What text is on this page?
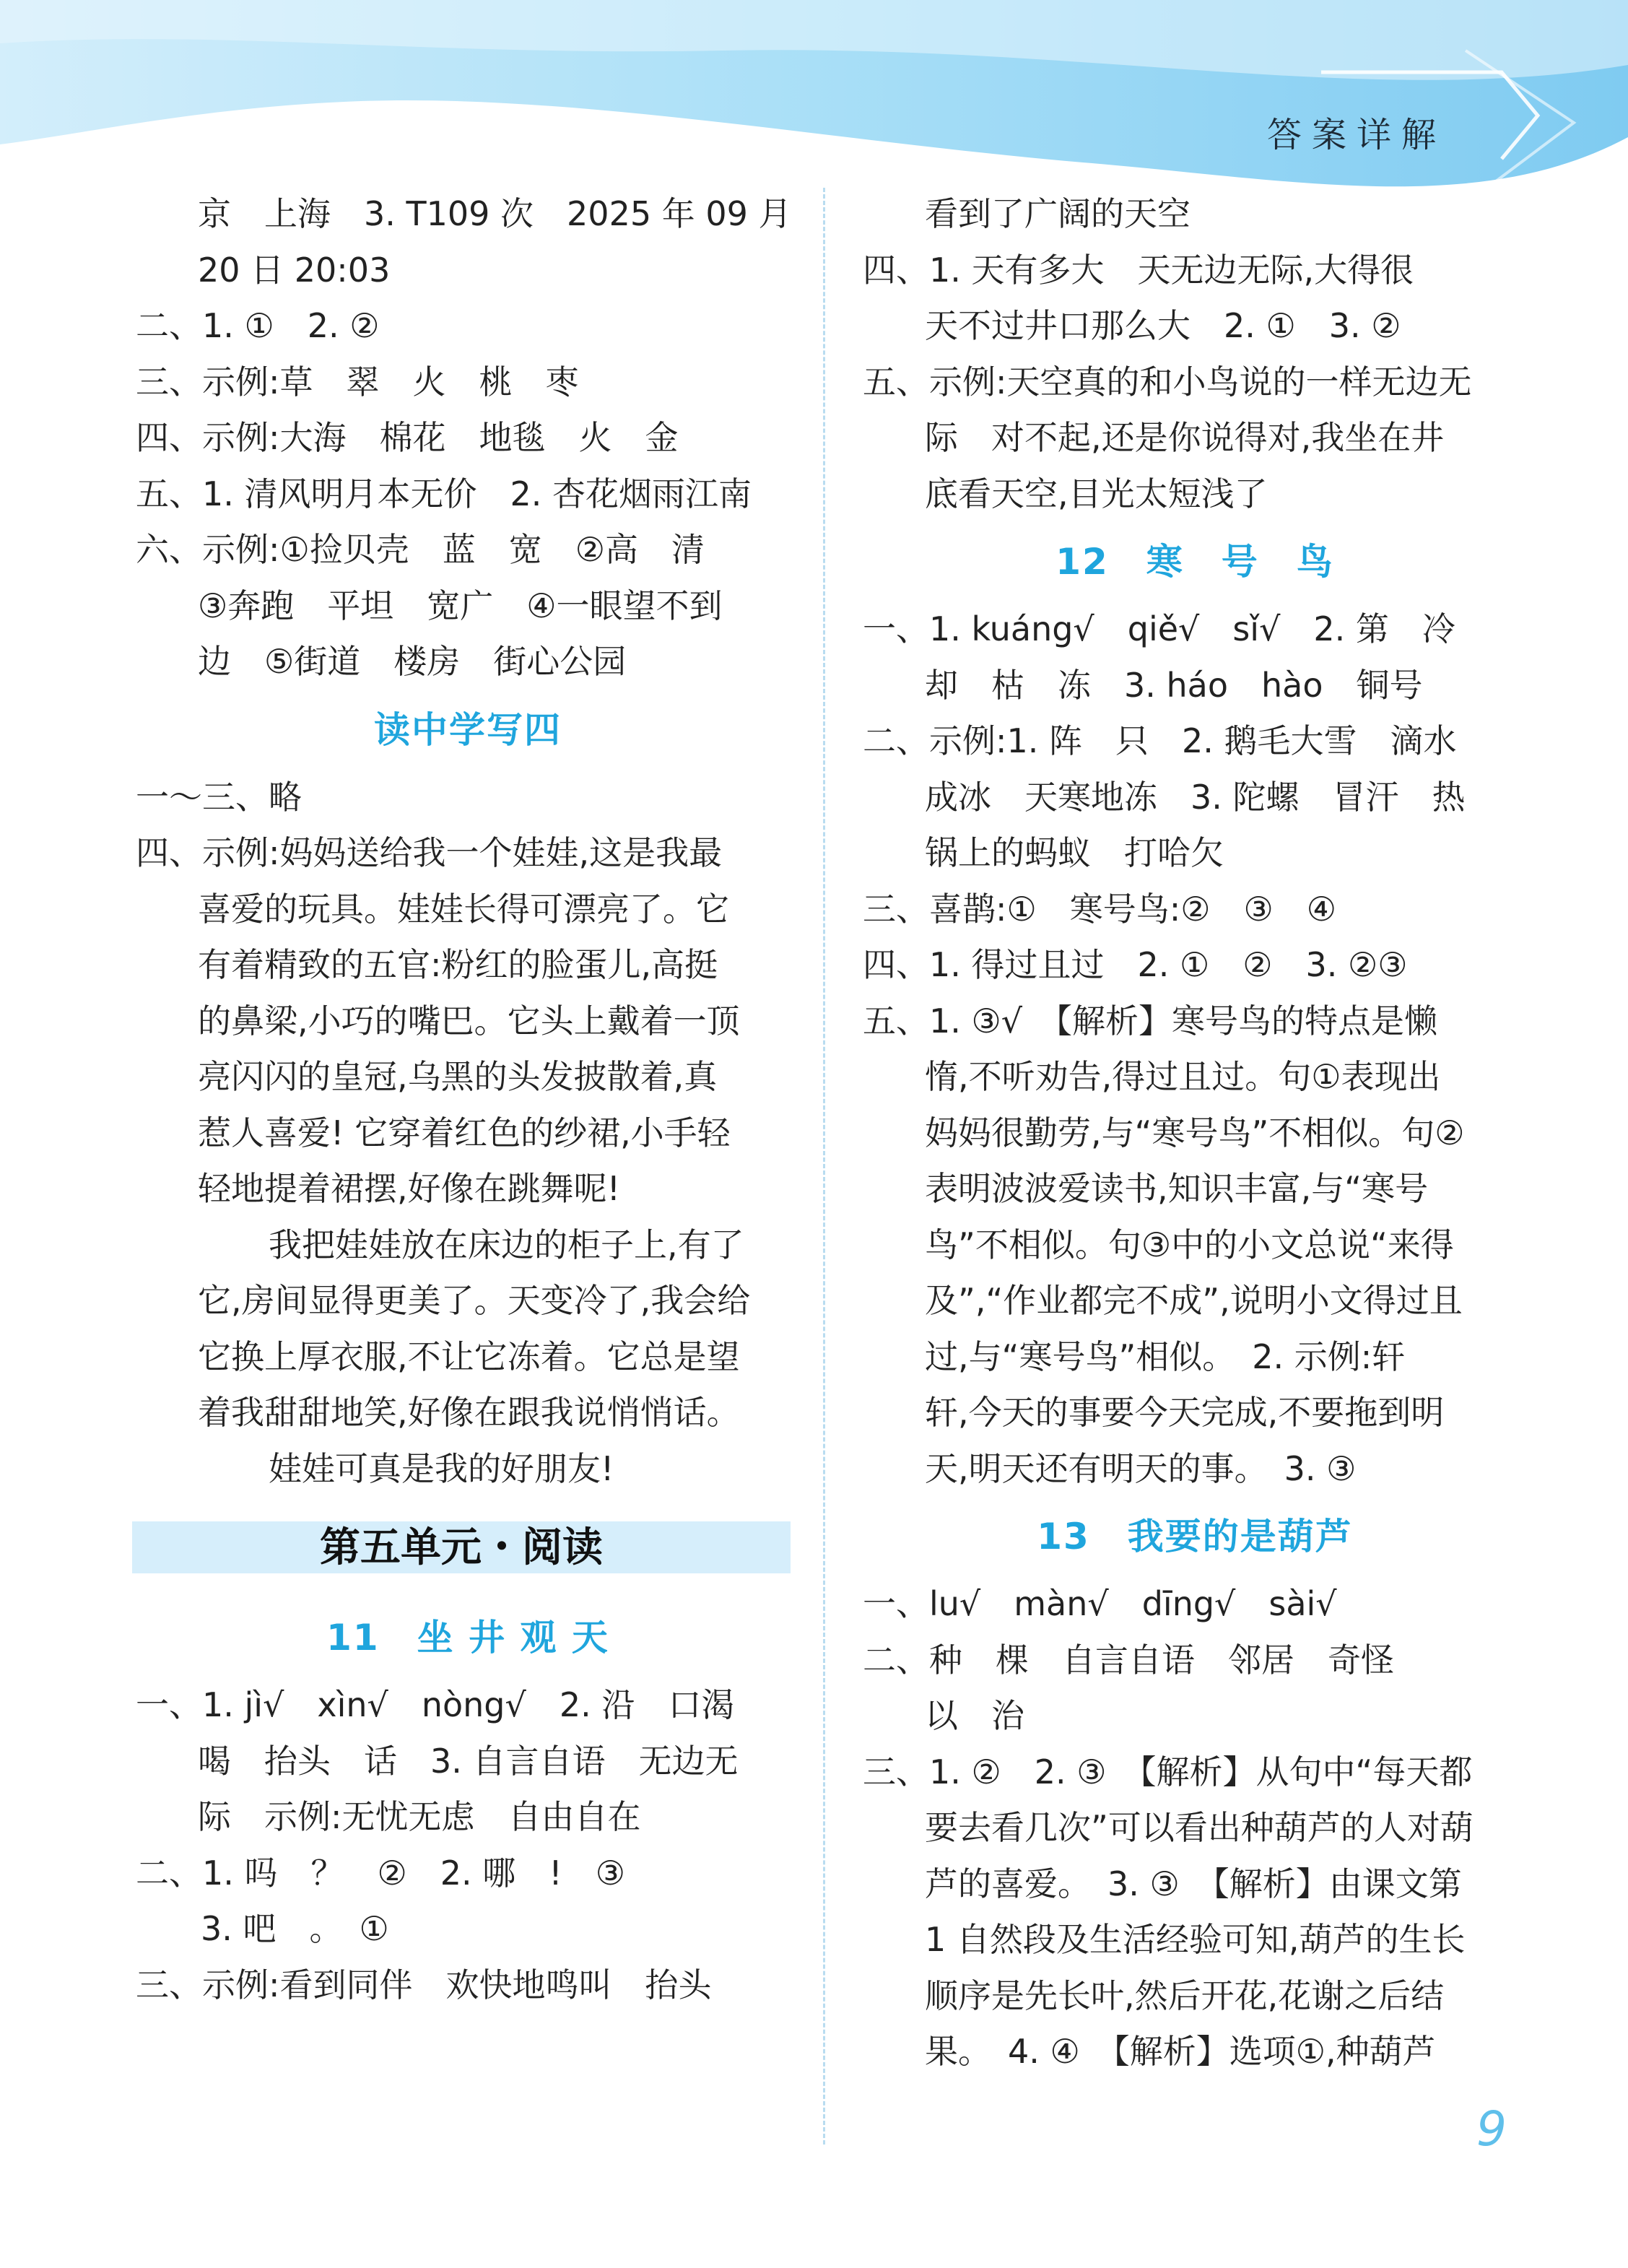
答案详解
京　上海　3. T109 次　2025 年 09 月
20 日 20:03
二、1. ①　2. ②
三、示例:草　翠　火　桃　枣
四、示例:大海　棉花　地毯　火　金
五、1. 清风明月本无价　2. 杏花烟雨江南
六、示例:①捡贝壳　蓝　宽　②高　清
③奔跑　平坦　宽广　④一眼望不到
边　⑤街道　楼房　街心公园
读中学写四
一～三、略
四、示例:妈妈送给我一个娃娃,这是我最
喜爱的玩具。娃娃长得可漂亮了。它
有着精致的五官:粉红的脸蛋儿,高挺
的鼻梁,小巧的嘴巴。它头上戴着一顶
亮闪闪的皇冠,乌黑的头发披散着,真
惹人喜爱! 它穿着红色的纱裙,小手轻
轻地提着裙摆,好像在跳舞呢!
我把娃娃放在床边的柜子上,有了
它,房间显得更美了。天变冷了,我会给
它换上厚衣服,不让它冻着。它总是望
着我甜甜地笑,好像在跟我说悄悄话。
娃娃可真是我的好朋友!
第五单元・阅读
11　坐 井 观 天
一、1. jì√　xìn√　nòng√　2. 沿　口渴
喝　抬头　话　3. 自言自语　无边无
际　示例:无忧无虑　自由自在
二、1. 吗　？　②　2. 哪　!　③
3. 吧　。　①
三、示例:看到同伴　欢快地鸣叫　抬头
看到了广阔的天空
四、1. 天有多大　天无边无际,大得很
天不过井口那么大　2. ①　3. ②
五、示例:天空真的和小鸟说的一样无边无
际　对不起,还是你说得对,我坐在井
底看天空,目光太短浅了
12　寒　号　鸟
一、1. kuáng√　qiě√　sǐ√　2. 第　冷
却　枯　冻　3. háo　hào　铜号
二、示例:1. 阵　只　2. 鹅毛大雪　滴水
成冰　天寒地冻　3. 陀螺　冒汗　热
锅上的蚂蚁　打哈欠
三、喜鹊:①　寒号鸟:②　③　④
四、1. 得过且过　2. ①　②　3. ②③
五、1. ③√　【解析】寒号鸟的特点是懒
惰,不听劝告,得过且过。句①表现出
妈妈很勤劳,与“寒号鸟”不相似。句②
表明波波爱读书,知识丰富,与“寒号
鸟”不相似。句③中的小文总说“来得
及”,“作业都完不成”,说明小文得过且
过,与“寒号鸟”相似。　2. 示例:轩
轩,今天的事要今天完成,不要拖到明
天,明天还有明天的事。　3. ③
13　我要的是葫芦
一、lu√　màn√　dīng√　sài√
二、种　棵　自言自语　邻居　奇怪
以　治
三、1. ②　2. ③　【解析】从句中“每天都
要去看几次”可以看出种葫芦的人对葫
芦的喜爱。　3. ③　【解析】由课文第
1 自然段及生活经验可知,葫芦的生长
顺序是先长叶,然后开花,花谢之后结
果。　4. ④　【解析】选项①,种葫芦
9
